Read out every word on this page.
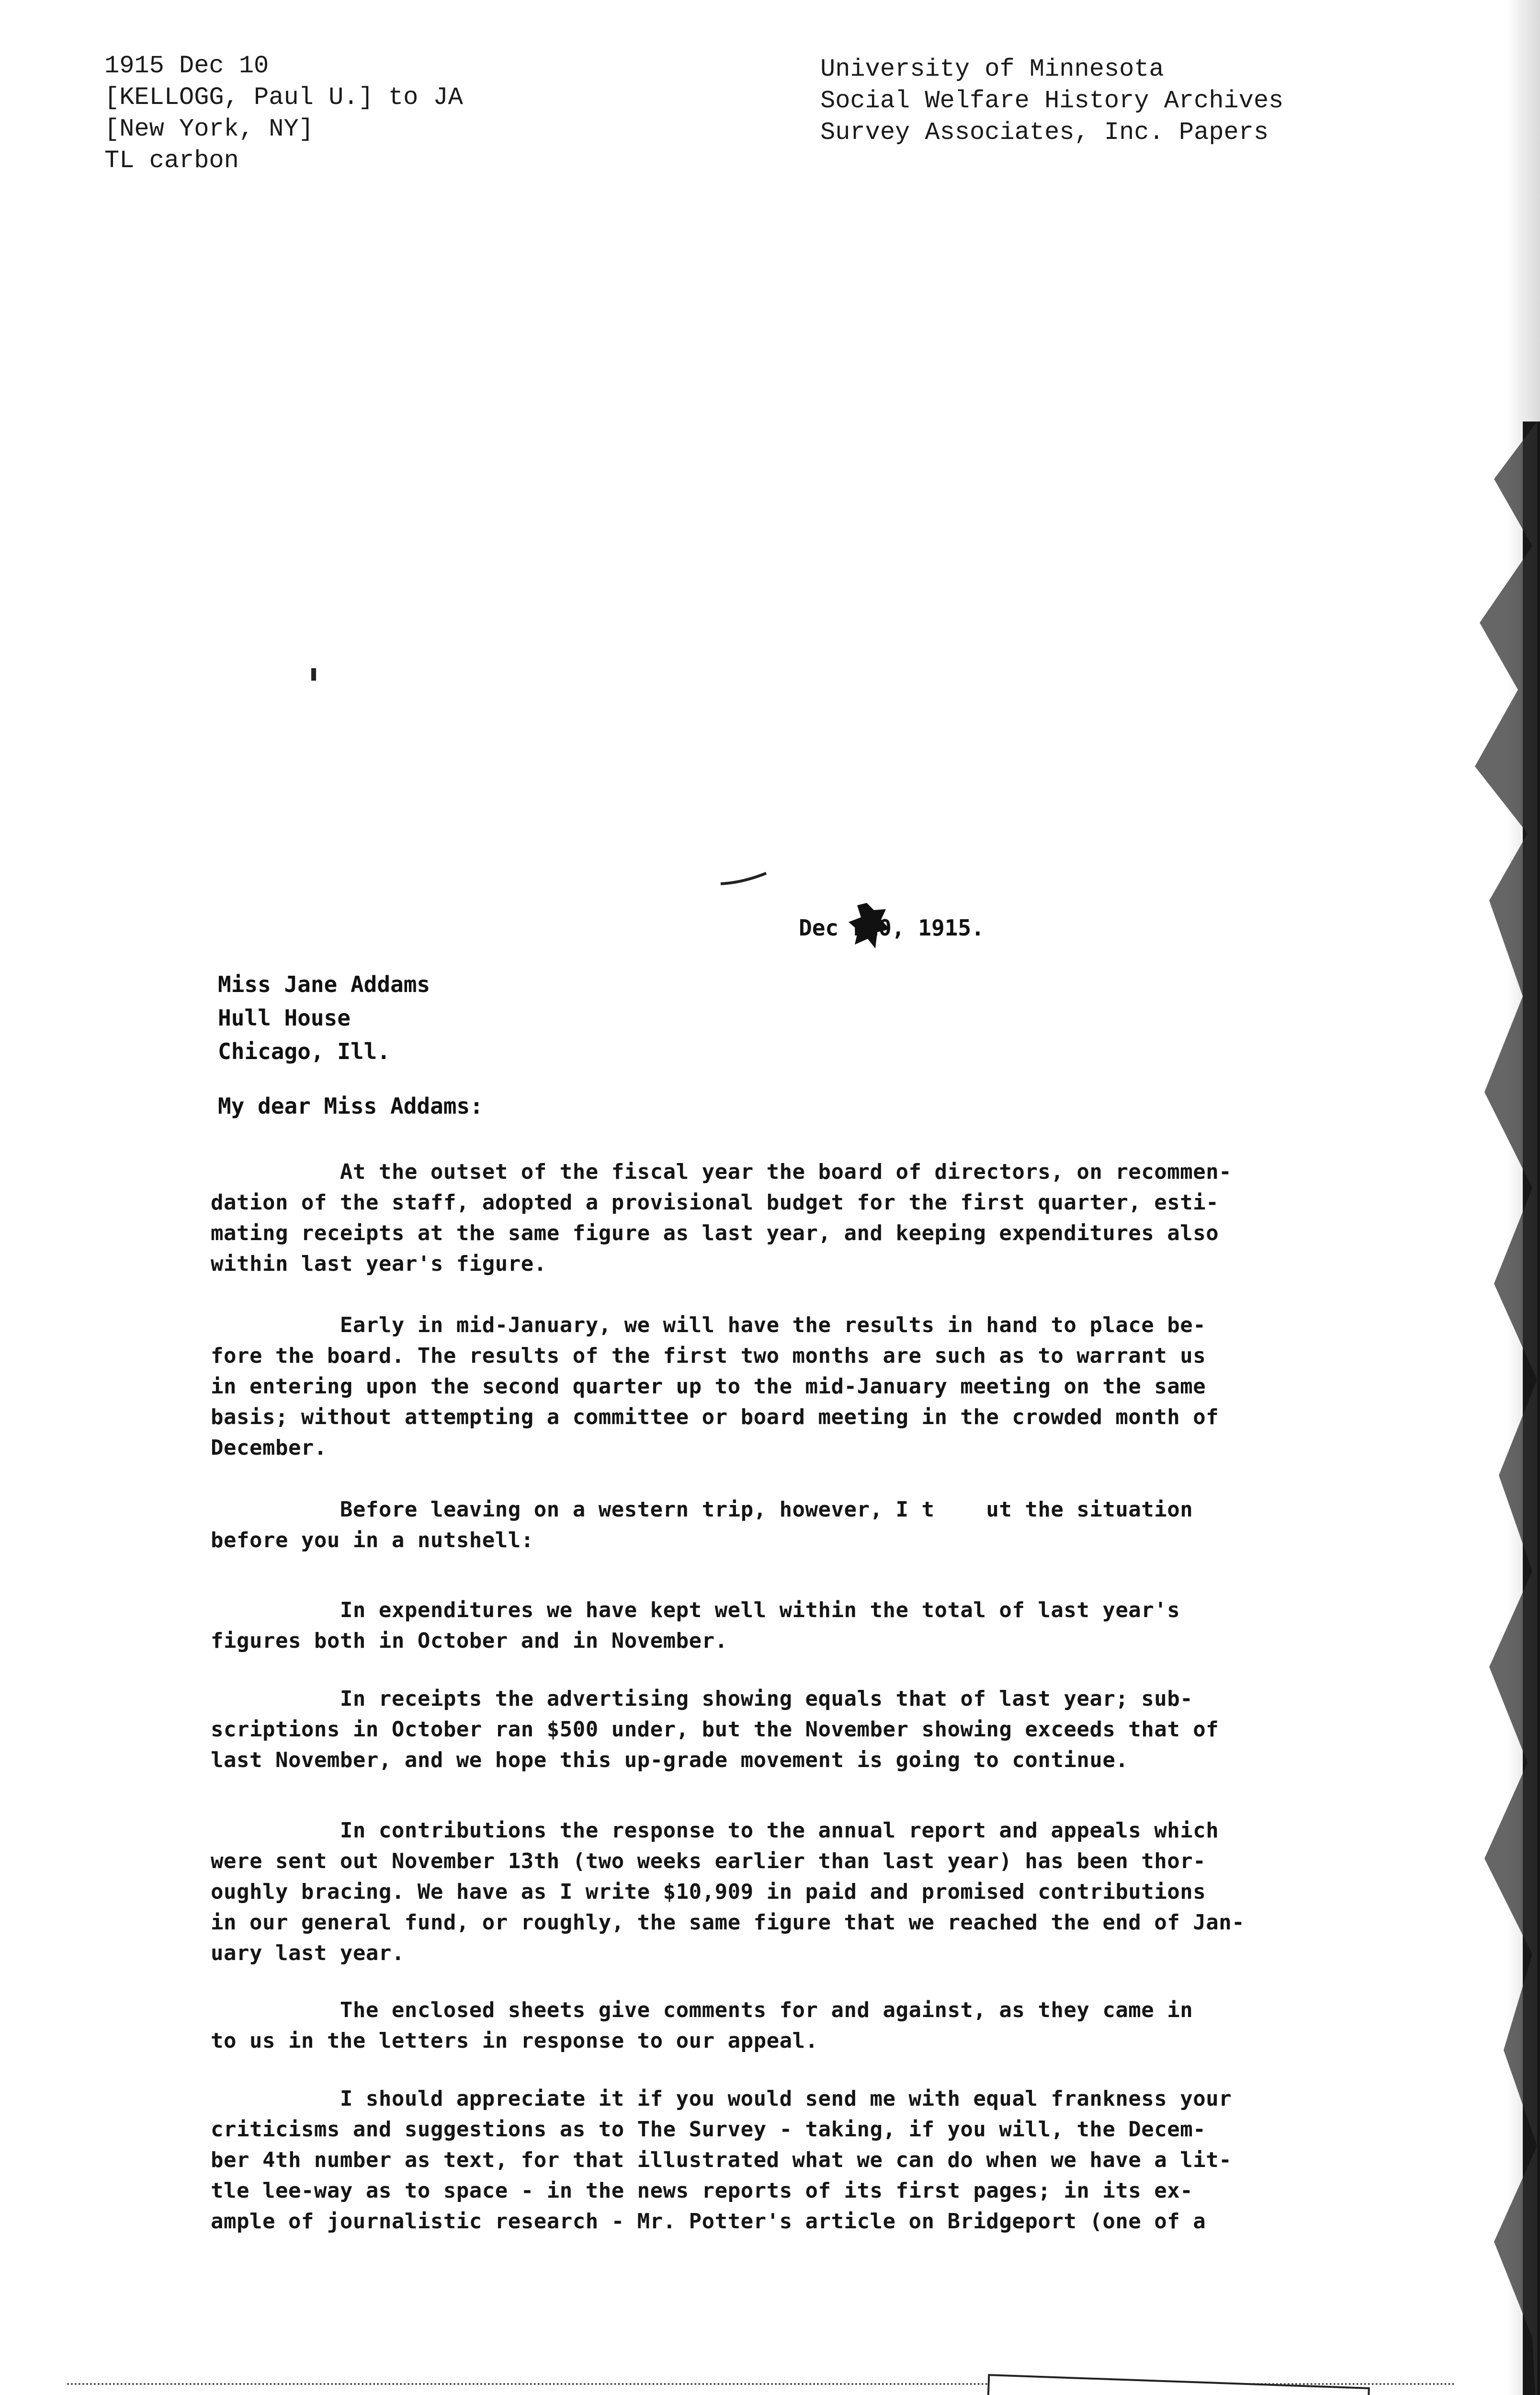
1915 Dec 10
[KELLOGG, Paul U.] to JA
[New York, NY]
TL carbon
University of Minnesota
Social Welfare History Archives
Survey Associates, Inc. Papers
Dec r10, 1915.
Miss Jane Addams
Hull House
Chicago, Ill.
My dear Miss Addams:
At the outset of the fiscal year the board of directors, on recommen-
dation of the staff, adopted a provisional budget for the first quarter, esti-
mating receipts at the same figure as last year, and keeping expenditures also
within last year's figure.
Early in mid-January, we will have the results in hand to place be-
fore the board. The results of the first two months are such as to warrant us
in entering upon the second quarter up to the mid-January meeting on the same
basis; without attempting a committee or board meeting in the crowded month of
December.
Before leaving on a western trip, however, I t    ut the situation
before you in a nutshell:
In expenditures we have kept well within the total of last year's
figures both in October and in November.
In receipts the advertising showing equals that of last year; sub-
scriptions in October ran $500 under, but the November showing exceeds that of
last November, and we hope this up-grade movement is going to continue.
In contributions the response to the annual report and appeals which
were sent out November 13th (two weeks earlier than last year) has been thor-
oughly bracing. We have as I write $10,909 in paid and promised contributions
in our general fund, or roughly, the same figure that we reached the end of Jan-
uary last year.
The enclosed sheets give comments for and against, as they came in
to us in the letters in response to our appeal.
I should appreciate it if you would send me with equal frankness your
criticisms and suggestions as to The Survey - taking, if you will, the Decem-
ber 4th number as text, for that illustrated what we can do when we have a lit-
tle lee-way as to space - in the news reports of its first pages; in its ex-
ample of journalistic research - Mr. Potter's article on Bridgeport (one of a
